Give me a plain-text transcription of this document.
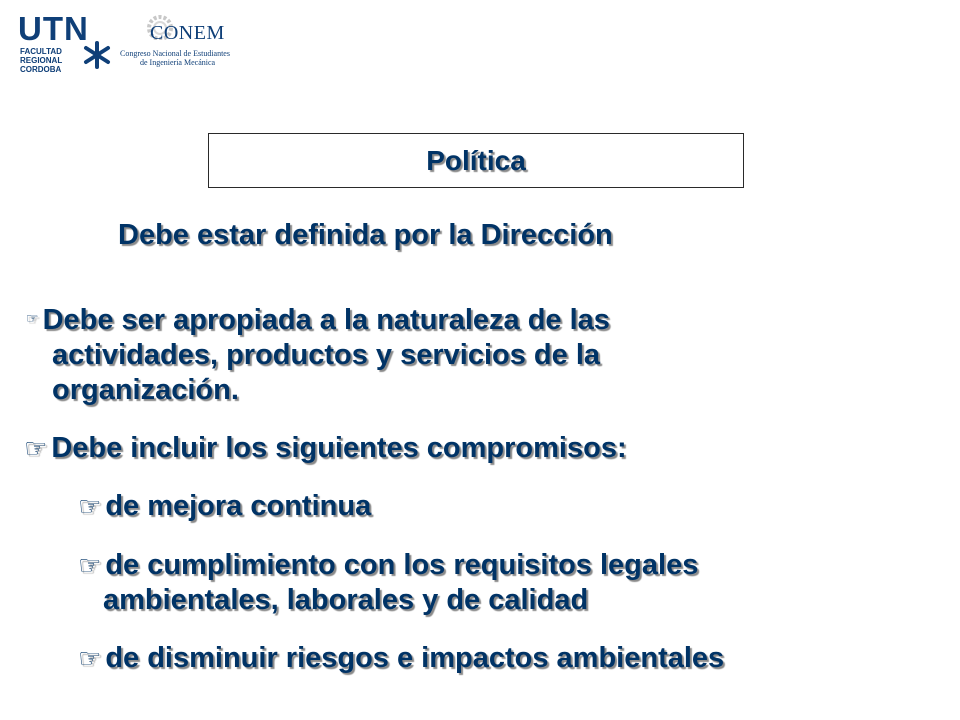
UTN
FACULTAD
REGIONAL
CORDOBA
CONEM
Congreso Nacional de Estudiantes
de Ingeniería Mecánica
Política
Debe estar definida por la Dirección
☞ Debe ser apropiada a la naturaleza de las
actividades, productos y servicios de la
organización.
☞ Debe incluir los siguientes compromisos:
☞ de mejora continua
☞ de cumplimiento con los requisitos legales
ambientales, laborales y de calidad
☞ de disminuir riesgos e impactos ambientales
